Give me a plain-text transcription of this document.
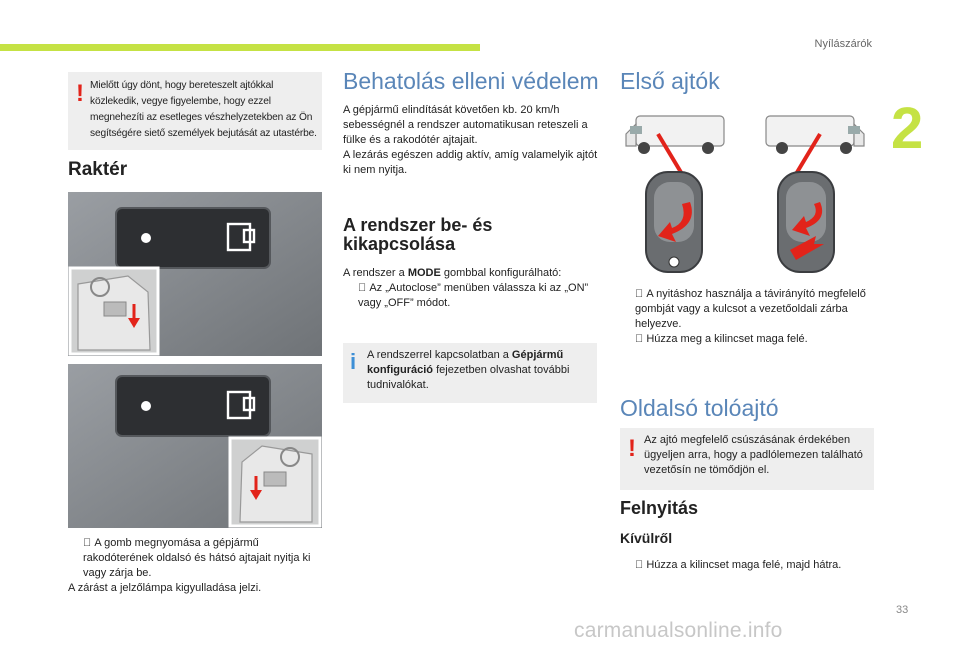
Nyílászárók
2
33
carmanualsonline.info
! Mielőtt úgy dönt, hogy bereteszelt ajtókkal közlekedik, vegye figyelembe, hogy ezzel megnehezíti az esetleges vészhelyzetekben az Ön segítségére siető személyek bejutását az utastérbe.
Raktér
A gomb megnyomása a gépjármű rakodóterének oldalsó és hátsó ajtajait nyitja ki vagy zárja be.
A zárást a jelzőlámpa kigyulladása jelzi.
Behatolás elleni védelem
A gépjármű elindítását követően kb. 20 km/h sebességnél a rendszer automatikusan reteszeli a fülke és a rakodótér ajtajait.
A lezárás egészen addig aktív, amíg valamelyik ajtót ki nem nyitja.
A rendszer be- és kikapcsolása
A rendszer a MODE gombbal konfigurálható:
Az „Autoclose” menüben válassza ki az „ON” vagy „OFF” módot.
i A rendszerrel kapcsolatban a Gépjármű konfiguráció fejezetben olvashat további tudnivalókat.
Első ajtók
A nyitáshoz használja a távirányító megfelelő gombját vagy a kulcsot a vezetőoldali zárba helyezve.
Húzza meg a kilincset maga felé.
Oldalsó tolóajtó
! Az ajtó megfelelő csúszásának érdekében ügyeljen arra, hogy a padlólemezen található vezetősín ne tömődjön el.
Felnyitás
Kívülről
Húzza a kilincset maga felé, majd hátra.
